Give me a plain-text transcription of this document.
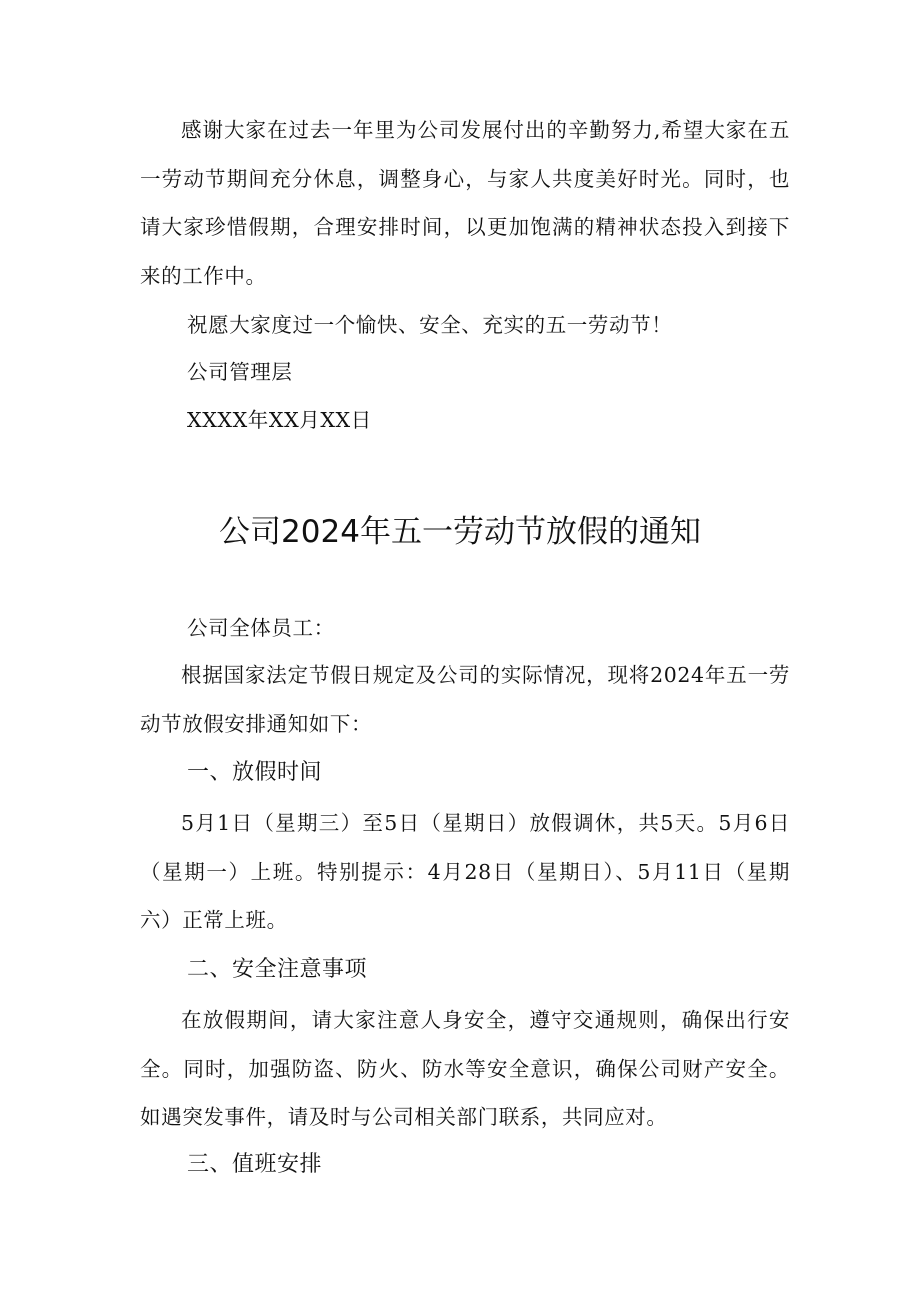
感谢大家在过去一年里为公司发展付出的辛勤努力,希望大家在五一劳动节期间充分休息，调整身心，与家人共度美好时光。同时，也请大家珍惜假期，合理安排时间，以更加饱满的精神状态投入到接下来的工作中。

祝愿大家度过一个愉快、安全、充实的五一劳动节！

公司管理层

XXXX年XX月XX日

公司2024年五一劳动节放假的通知

公司全体员工：

根据国家法定节假日规定及公司的实际情况，现将2024年五一劳动节放假安排通知如下：

一、放假时间

5月1日（星期三）至5日（星期日）放假调休，共5天。5月6日（星期一）上班。特别提示：4月28日（星期日）、5月11日（星期六）正常上班。

二、安全注意事项

在放假期间，请大家注意人身安全，遵守交通规则，确保出行安全。同时，加强防盗、防火、防水等安全意识，确保公司财产安全。如遇突发事件，请及时与公司相关部门联系，共同应对。

三、值班安排
